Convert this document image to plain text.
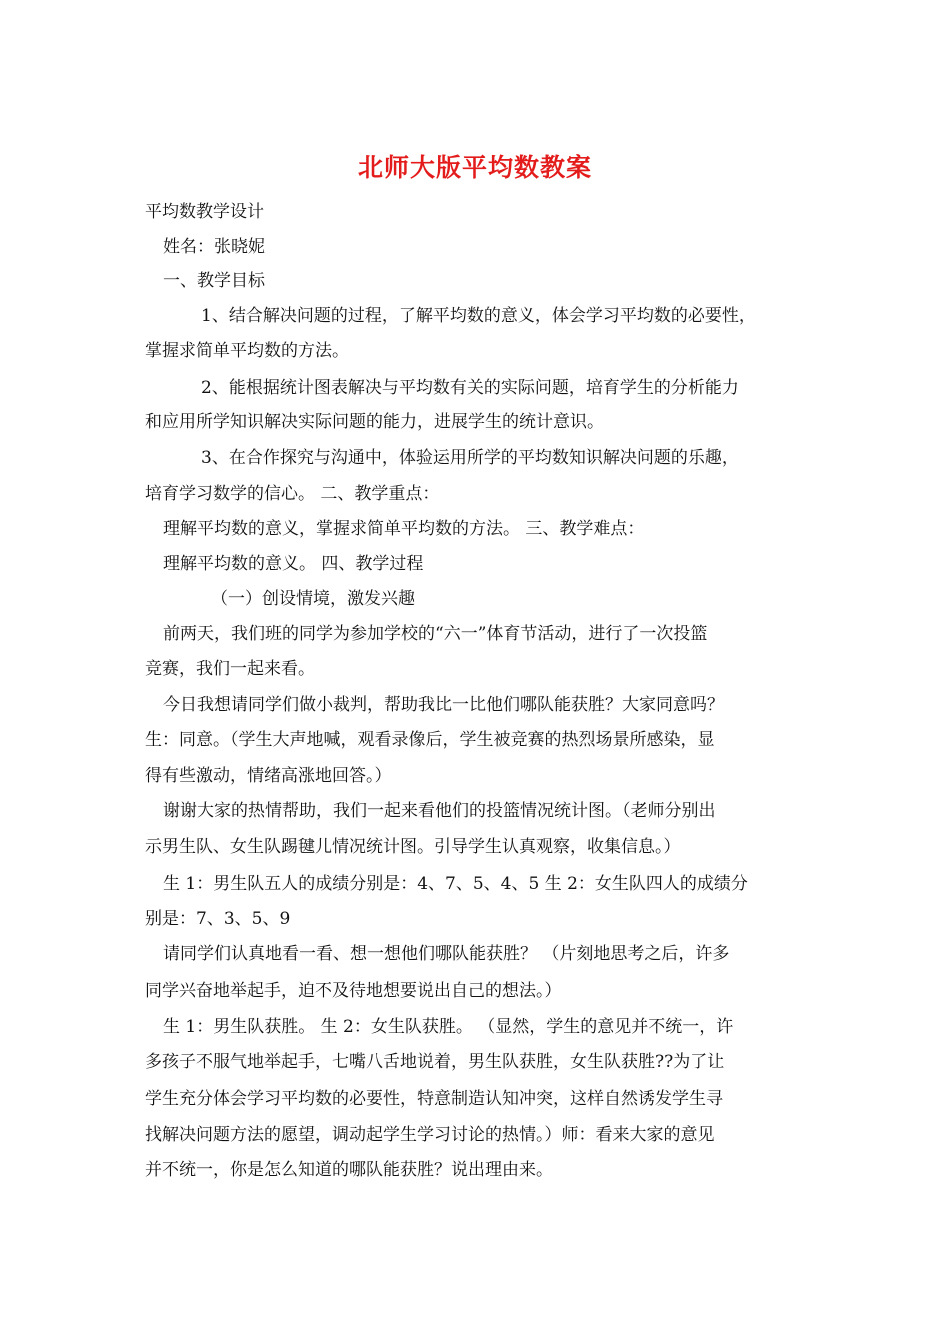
北师大版平均数教案
平均数教学设计
姓名：张晓妮
一、教学目标
1、结合解决问题的过程，了解平均数的意义，体会学习平均数的必要性，
掌握求简单平均数的方法。
2、能根据统计图表解决与平均数有关的实际问题，培育学生的分析能力
和应用所学知识解决实际问题的能力，进展学生的统计意识。
3、在合作探究与沟通中，体验运用所学的平均数知识解决问题的乐趣，
培育学习数学的信心。 二、教学重点：
理解平均数的意义，掌握求简单平均数的方法。 三、教学难点：
理解平均数的意义。 四、教学过程
（一）创设情境，激发兴趣
前两天，我们班的同学为参加学校的“六一”体育节活动，进行了一次投篮
竞赛，我们一起来看。
今日我想请同学们做小裁判，帮助我比一比他们哪队能获胜？大家同意吗？
生：同意。（学生大声地喊，观看录像后，学生被竞赛的热烈场景所感染，显
得有些激动，情绪高涨地回答。）
谢谢大家的热情帮助，我们一起来看他们的投篮情况统计图。（老师分别出
示男生队、女生队踢毽儿情况统计图。引导学生认真观察，收集信息。）
生 1：男生队五人的成绩分别是：4、7、5、4、5 生 2：女生队四人的成绩分
别是：7、3、5、9
请同学们认真地看一看、想一想他们哪队能获胜？ （片刻地思考之后，许多
同学兴奋地举起手，迫不及待地想要说出自己的想法。）
生 1：男生队获胜。 生 2：女生队获胜。 （显然，学生的意见并不统一，许
多孩子不服气地举起手，七嘴八舌地说着，男生队获胜，女生队获胜??为了让
学生充分体会学习平均数的必要性，特意制造认知冲突，这样自然诱发学生寻
找解决问题方法的愿望，调动起学生学习讨论的热情。）师：看来大家的意见
并不统一，你是怎么知道的哪队能获胜？说出理由来。
